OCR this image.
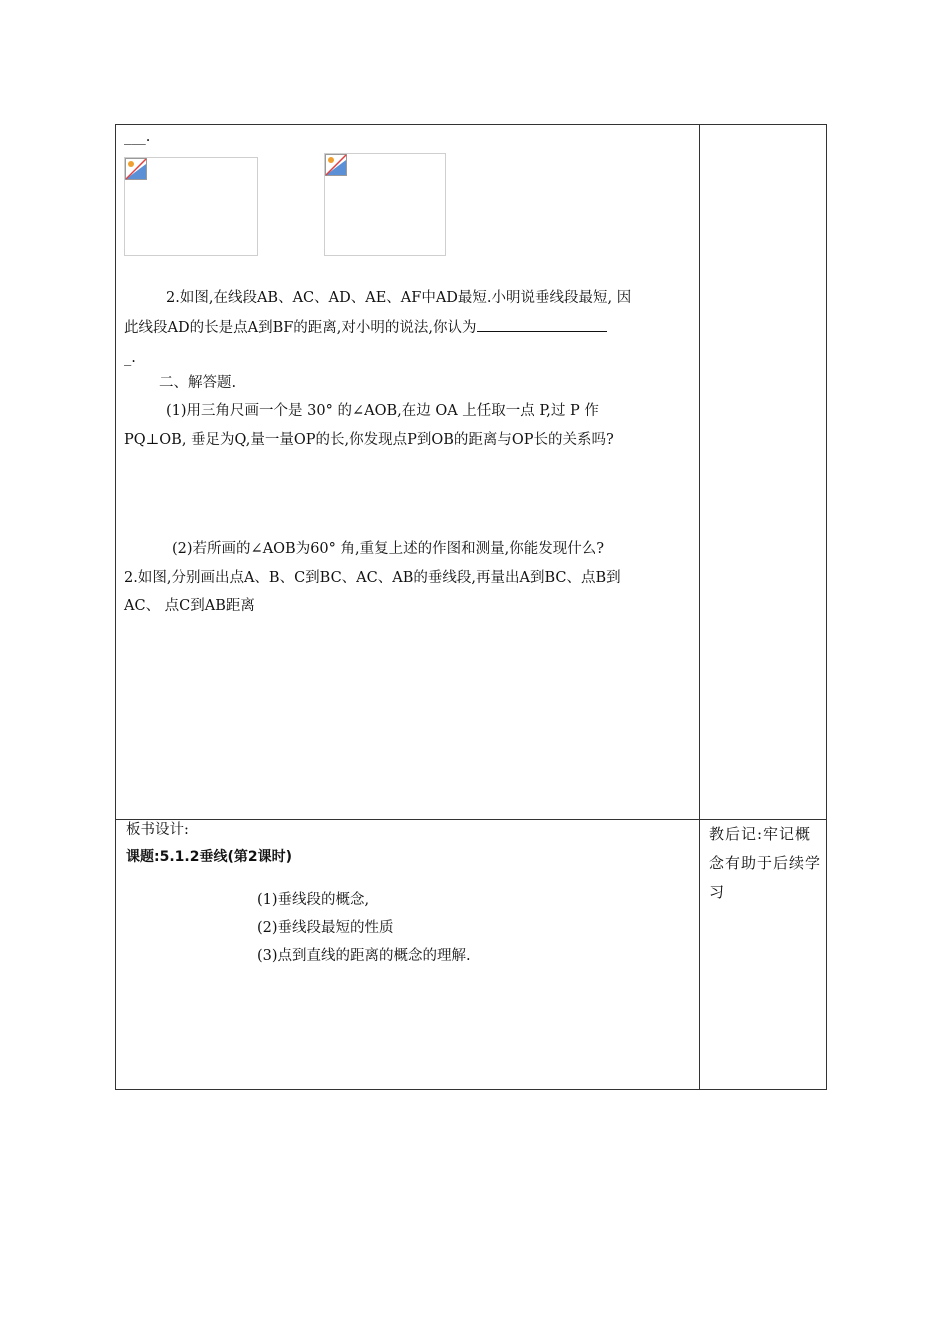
___.
2.如图,在线段AB、AC、AD、AE、AF中AD最短.小明说垂线段最短, 因
此线段AD的长是点A到BF的距离,对小明的说法,你认为
_.
二、解答题.
(1)用三角尺画一个是 30° 的∠AOB,在边 OA 上任取一点 P,过 P 作
PQ⊥OB, 垂足为Q,量一量OP的长,你发现点P到OB的距离与OP长的关系吗?
(2)若所画的∠AOB为60° 角,重复上述的作图和测量,你能发现什么?
2.如图,分别画出点A、B、C到BC、AC、AB的垂线段,再量出A到BC、点B到
AC、 点C到AB距离
板书设计:
课题:5.1.2垂线(第2课时)
(1)垂线段的概念,
(2)垂线段最短的性质
(3)点到直线的距离的概念的理解.
教后记:牢记概念有助于后续学习
